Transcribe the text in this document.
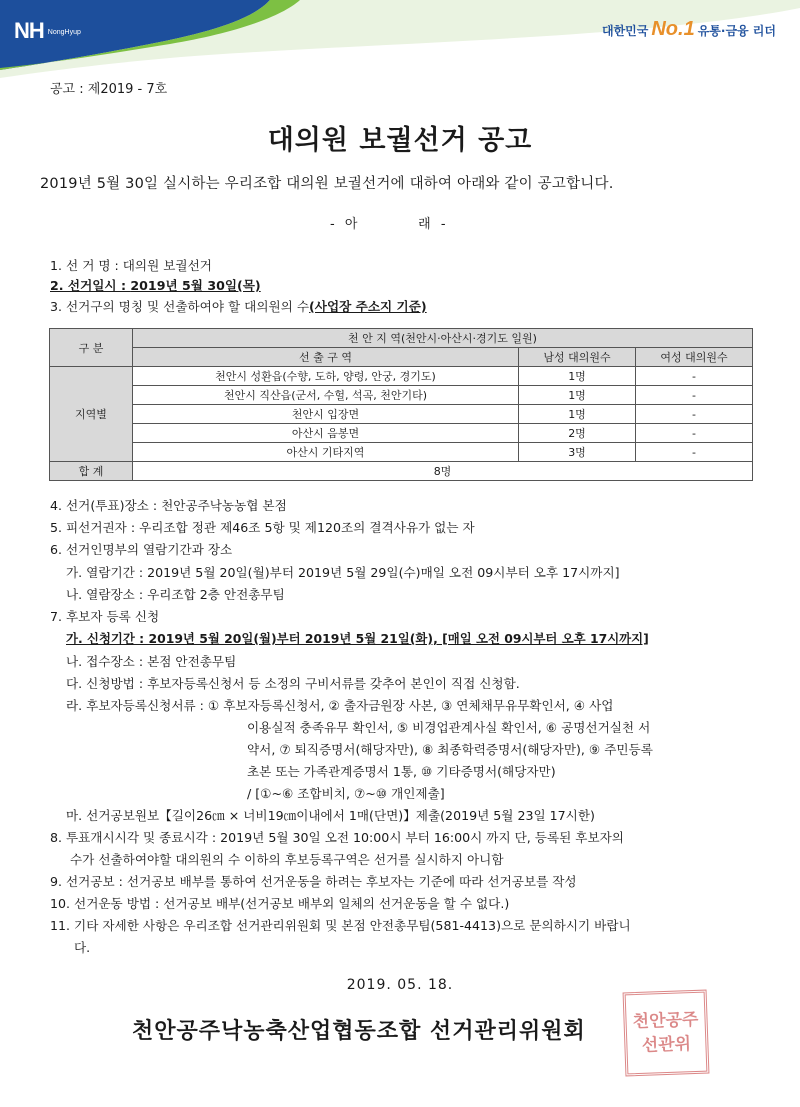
NH NongHyup	대한민국 No.1 유통·금융 리더
공고 : 제2019 - 7호
대의원 보궐선거 공고
2019년 5월 30일 실시하는 우리조합 대의원 보궐선거에 대하여 아래와 같이 공고합니다.
- 아      래 -
1. 선 거 명 : 대의원 보궐선거
2. 선거일시 : 2019년 5월 30일(목)
3. 선거구의 명칭 및 선출하여야 할 대의원의 수(사업장 주소지 기준)
구 분	천 안 지 역(천안시·아산시·경기도 일원)		
	선 출 구 역	남성 대의원수	여성 대의원수
지역별	천안시 성환읍(수향, 도하, 양령, 안궁, 경기도)	1명	-
	천안시 직산읍(군서, 수헐, 석곡, 천안기타)	1명	-
	천안시 입장면	1명	-
	아산시 음봉면	2명	-
	아산시 기타지역	3명	-
합 계	8명		
4. 선거(투표)장소 : 천안공주낙농농협 본점
5. 피선거권자 : 우리조합 정관 제46조 5항 및 제120조의 결격사유가 없는 자
6. 선거인명부의 열람기간과 장소
가. 열람기간 : 2019년 5월 20일(월)부터 2019년 5월 29일(수)매일 오전 09시부터 오후 17시까지]
나. 열람장소 : 우리조합 2층 안전총무팀
7. 후보자 등록 신청
가. 신청기간 : 2019년 5월 20일(월)부터 2019년 5월 21일(화), [매일 오전 09시부터 오후 17시까지]
나. 접수장소 : 본점 안전총무팀
다. 신청방법 : 후보자등록신청서 등 소정의 구비서류를 갖추어 본인이 직접 신청함.
라. 후보자등록신청서류 : ① 후보자등록신청서, ② 출자금원장 사본, ③ 연체채무유무확인서, ④ 사업
이용실적 충족유무 확인서, ⑤ 비경업관계사실 확인서, ⑥ 공명선거실천 서
약서, ⑦ 퇴직증명서(해당자만), ⑧ 최종학력증명서(해당자만), ⑨ 주민등록
초본 또는 가족관계증명서 1통, ⑩ 기타증명서(해당자만)
/ [①~⑥ 조합비치, ⑦~⑩ 개인제출]
마. 선거공보원보【길이26㎝ × 너비19㎝이내에서 1매(단면)】제출(2019년 5월 23일 17시한)
8. 투표개시시각 및 종료시각 : 2019년 5월 30일 오전 10:00시 부터 16:00시 까지 단, 등록된 후보자의
수가 선출하여야할 대의원의 수 이하의 후보등록구역은 선거를 실시하지 아니함
9. 선거공보 : 선거공보 배부를 통하여 선거운동을 하려는 후보자는 기준에 따라 선거공보를 작성
10. 선거운동 방법 : 선거공보 배부(선거공보 배부외 일체의 선거운동을 할 수 없다.)
11. 기타 자세한 사항은 우리조합 선거관리위원회 및 본점 안전총무팀(581-4413)으로 문의하시기 바랍니
다.
2019. 05. 18.
천안공주낙농축산업협동조합 선거관리위원회	천안공주 선관위
